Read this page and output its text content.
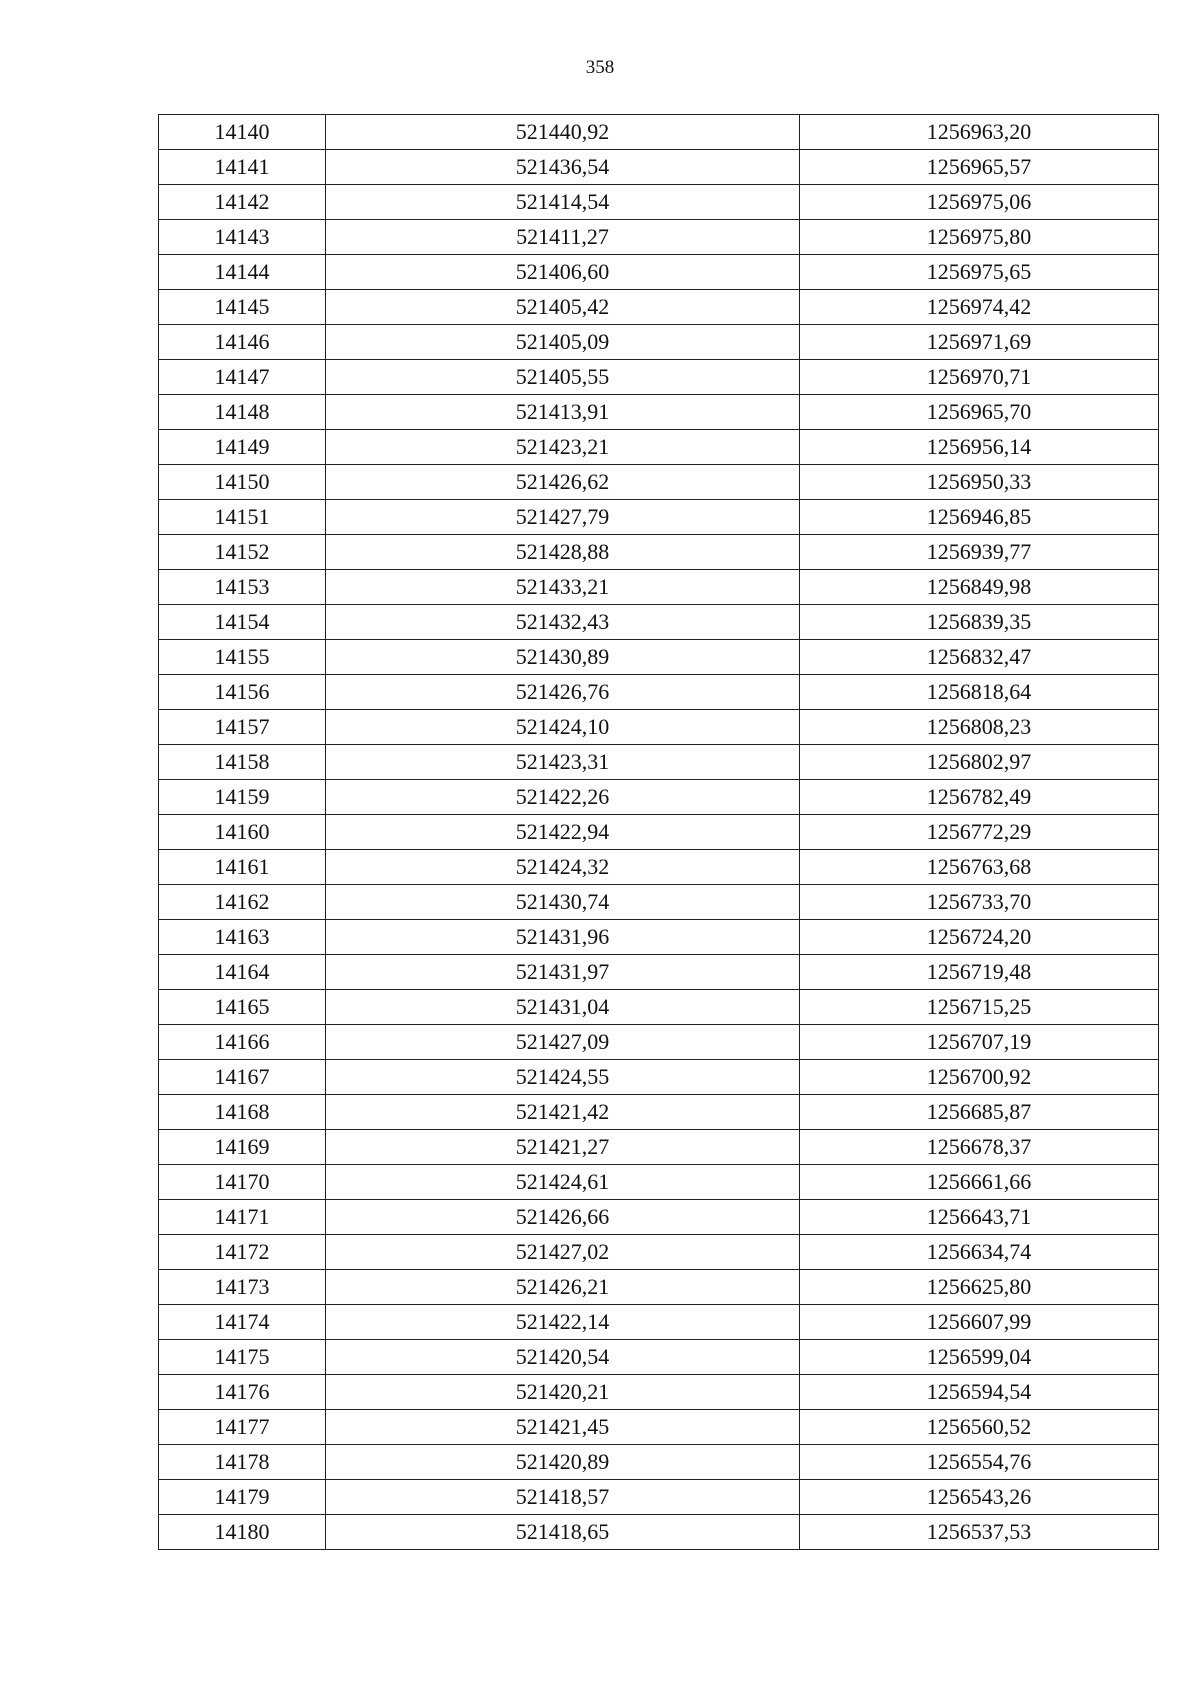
358
14140	521440,92	1256963,20
14141	521436,54	1256965,57
14142	521414,54	1256975,06
14143	521411,27	1256975,80
14144	521406,60	1256975,65
14145	521405,42	1256974,42
14146	521405,09	1256971,69
14147	521405,55	1256970,71
14148	521413,91	1256965,70
14149	521423,21	1256956,14
14150	521426,62	1256950,33
14151	521427,79	1256946,85
14152	521428,88	1256939,77
14153	521433,21	1256849,98
14154	521432,43	1256839,35
14155	521430,89	1256832,47
14156	521426,76	1256818,64
14157	521424,10	1256808,23
14158	521423,31	1256802,97
14159	521422,26	1256782,49
14160	521422,94	1256772,29
14161	521424,32	1256763,68
14162	521430,74	1256733,70
14163	521431,96	1256724,20
14164	521431,97	1256719,48
14165	521431,04	1256715,25
14166	521427,09	1256707,19
14167	521424,55	1256700,92
14168	521421,42	1256685,87
14169	521421,27	1256678,37
14170	521424,61	1256661,66
14171	521426,66	1256643,71
14172	521427,02	1256634,74
14173	521426,21	1256625,80
14174	521422,14	1256607,99
14175	521420,54	1256599,04
14176	521420,21	1256594,54
14177	521421,45	1256560,52
14178	521420,89	1256554,76
14179	521418,57	1256543,26
14180	521418,65	1256537,53
